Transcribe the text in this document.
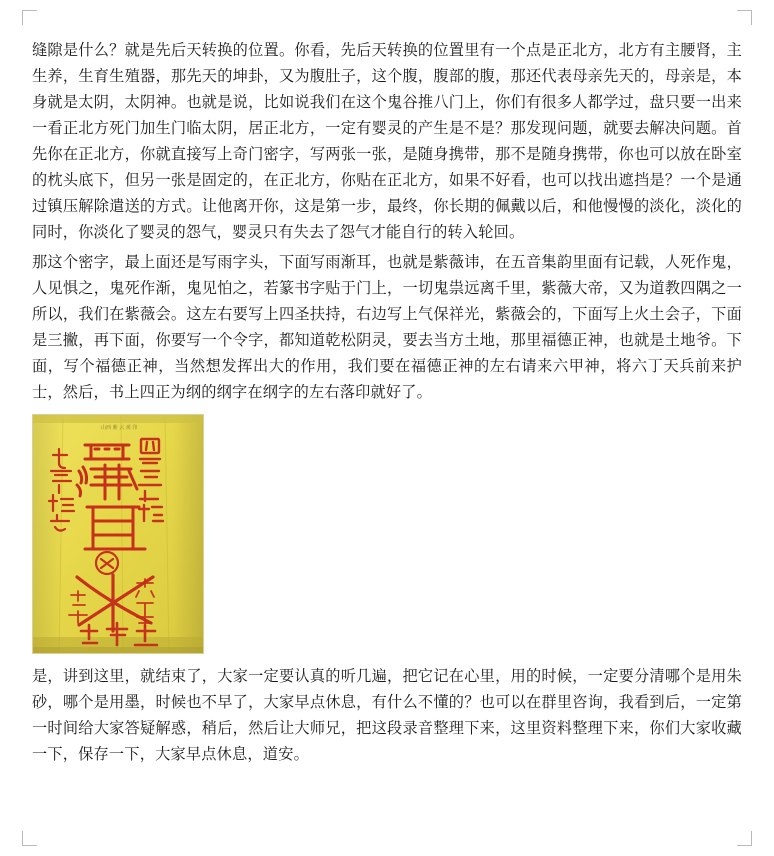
缝隙是什么？就是先后天转换的位置。你看，先后天转换的位置里有一个点是正北方，北方有主腰肾，主生养，生育生殖器，那先天的坤卦，又为腹肚子，这个腹，腹部的腹，那还代表母亲先天的，母亲是，本身就是太阴，太阴神。也就是说，比如说我们在这个鬼谷推八门上，你们有很多人都学过，盘只要一出来一看正北方死门加生门临太阴，居正北方，一定有婴灵的产生是不是？那发现问题，就要去解决问题。首先你在正北方，你就直接写上奇门密字，写两张一张，是随身携带，那不是随身携带，你也可以放在卧室的枕头底下，但另一张是固定的，在正北方，你贴在正北方，如果不好看，也可以找出遮挡是？一个是通过镇压解除遣送的方式。让他离开你，这是第一步，最终，你长期的佩戴以后，和他慢慢的淡化，淡化的同时，你淡化了婴灵的怨气，婴灵只有失去了怨气才能自行的转入轮回。

那这个密字，最上面还是写雨字头，下面写雨渐耳，也就是紫薇讳，在五音集韵里面有记载，人死作鬼，人见惧之，鬼死作渐，鬼见怕之，若篆书字贴于门上，一切鬼祟远离千里，紫薇大帝，又为道教四隅之一所以，我们在紫薇会。这左右要写上四圣扶持，右边写上气保祥光，紫薇会的，下面写上火土会子，下面是三撇，再下面，你要写一个令字，都知道乾松阴灵，要去当方土地，那里福德正神，也就是土地爷。下面，写个福德正神，当然想发挥出大的作用，我们要在福德正神的左右请来六甲神，将六丁天兵前来护士，然后，书上四正为纲的纲字在纲字的左右落印就好了。

山西 紫 云 观 印

是，讲到这里，就结束了，大家一定要认真的听几遍，把它记在心里，用的时候，一定要分清哪个是用朱砂，哪个是用墨，时候也不早了，大家早点休息，有什么不懂的？也可以在群里咨询，我看到后，一定第一时间给大家答疑解惑，稍后，然后让大师兄，把这段录音整理下来，这里资料整理下来，你们大家收藏一下，保存一下，大家早点休息，道安。
